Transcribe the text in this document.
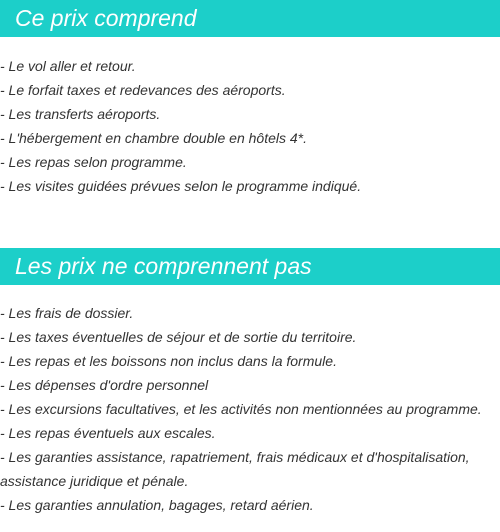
Ce prix comprend
- Le vol aller et retour.
- Le forfait taxes et redevances des aéroports.
- Les transferts aéroports.
- L'hébergement en chambre double en hôtels 4*.
- Les repas selon programme.
- Les visites guidées prévues selon le programme indiqué.
Les prix ne comprennent pas
- Les frais de dossier.
- Les taxes éventuelles de séjour et de sortie du territoire.
- Les repas et les boissons non inclus dans la formule.
- Les dépenses d'ordre personnel
- Les excursions facultatives, et les activités non mentionnées au programme.
- Les repas éventuels aux escales.
- Les garanties assistance, rapatriement, frais médicaux et d'hospitalisation, assistance juridique et pénale.
- Les garanties annulation, bagages, retard aérien.
